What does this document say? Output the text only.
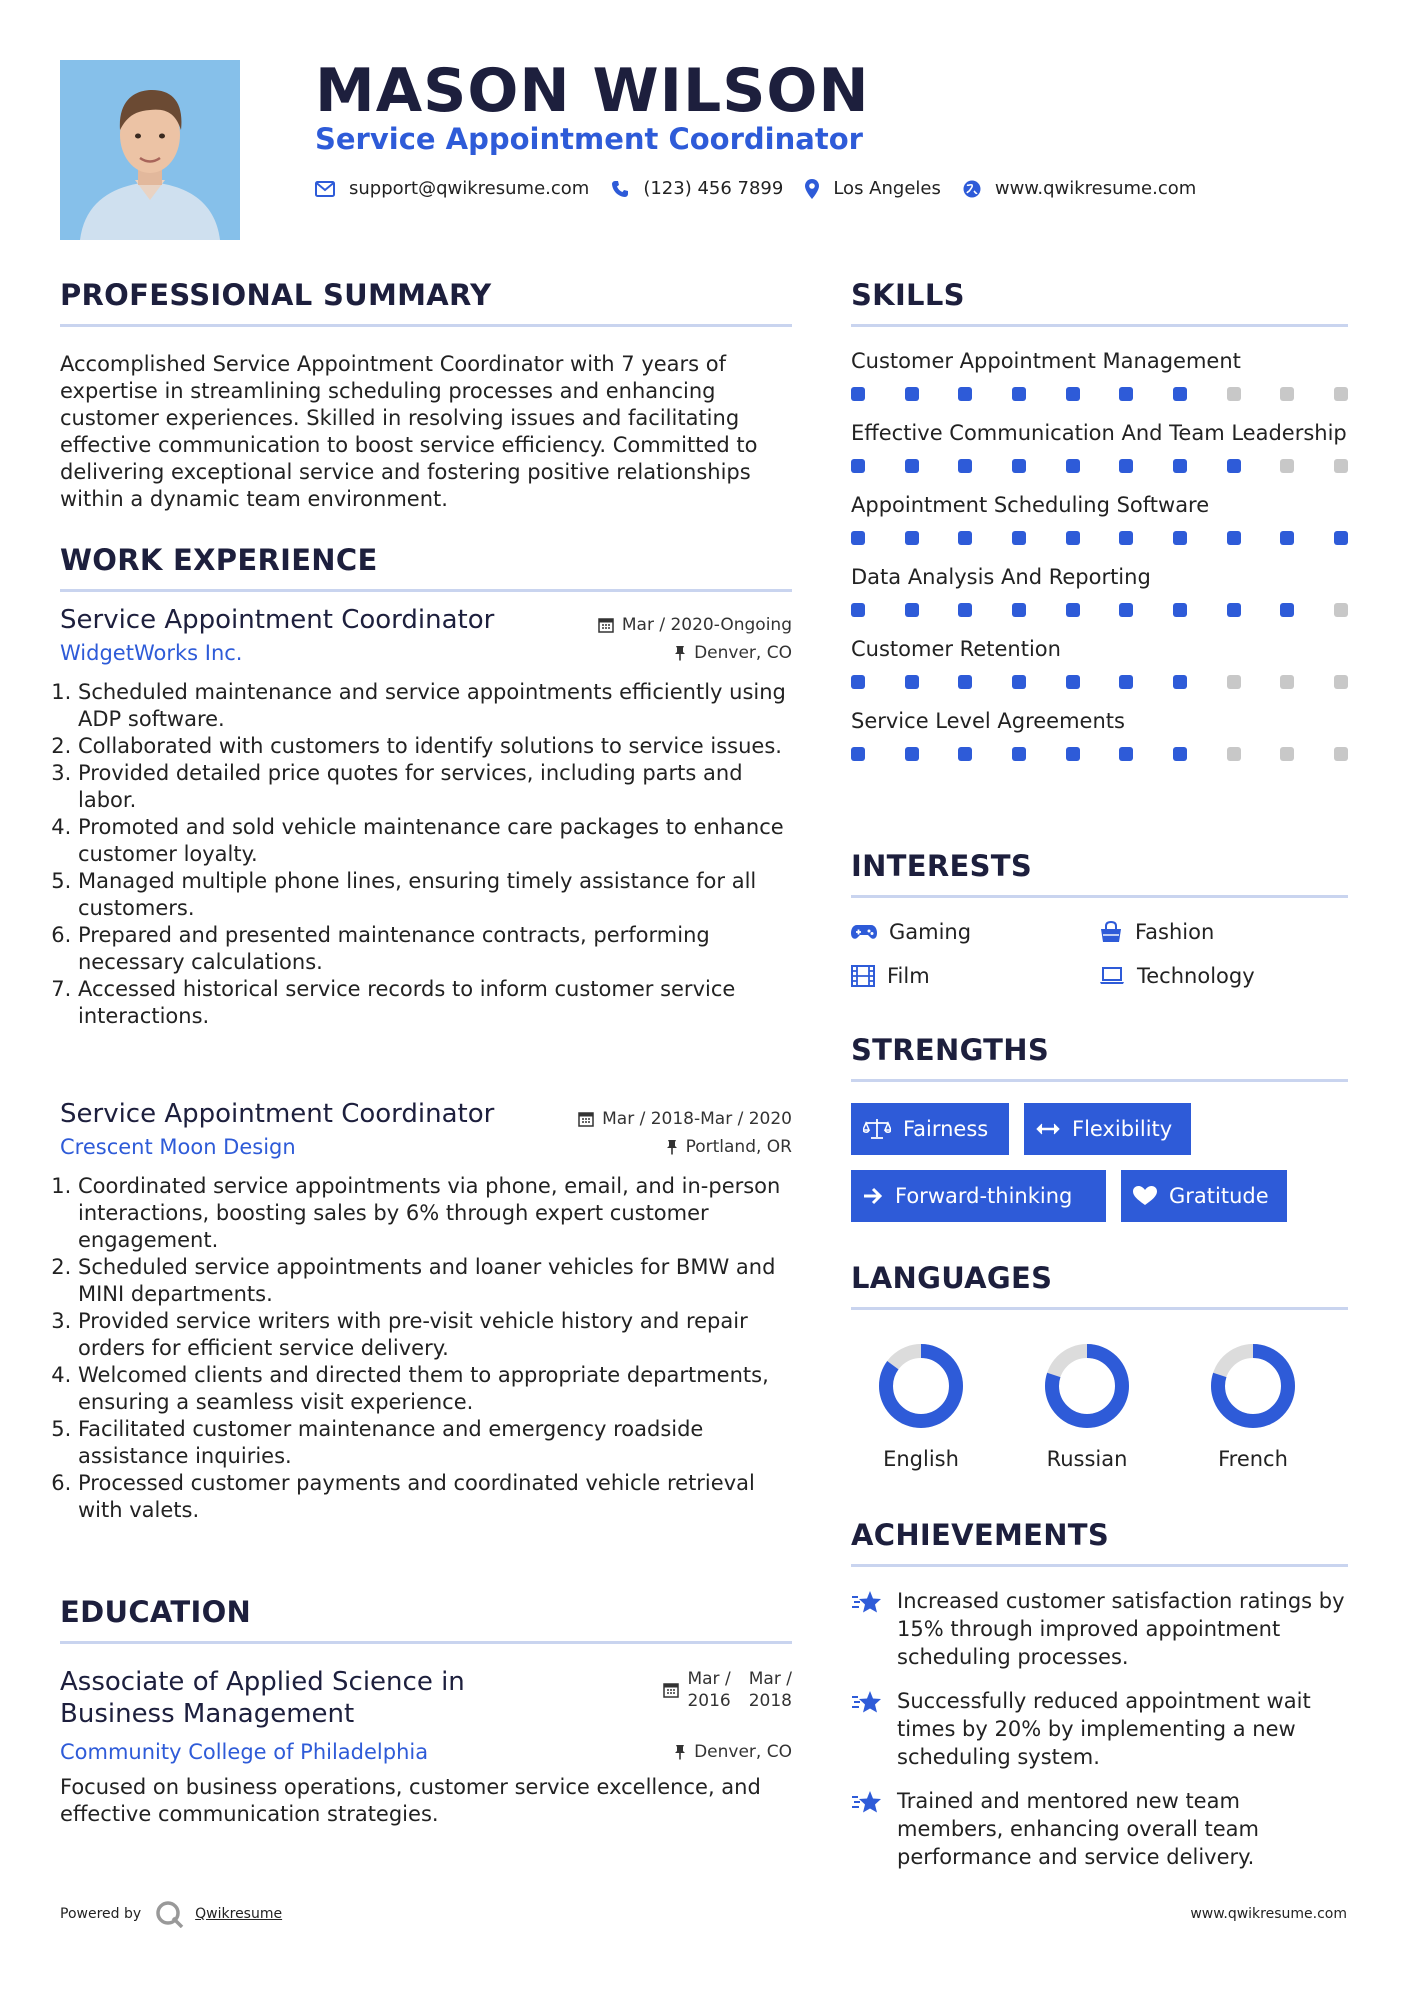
MASON WILSON
Service Appointment Coordinator
support@qwikresume.com	(123) 456 7899	Los Angeles	www.qwikresume.com
PROFESSIONAL SUMMARY

Accomplished Service Appointment Coordinator with 7 years of expertise in streamlining scheduling processes and enhancing customer experiences. Skilled in resolving issues and facilitating effective communication to boost service efficiency. Committed to delivering exceptional service and fostering positive relationships within a dynamic team environment.

WORK EXPERIENCE

Service Appointment Coordinator	Mar / 2020-Ongoing

WidgetWorks Inc.	Denver, CO
1. Scheduled maintenance and service appointments efficiently using ADP software.
2. Collaborated with customers to identify solutions to service issues.
3. Provided detailed price quotes for services, including parts and labor.
4. Promoted and sold vehicle maintenance care packages to enhance customer loyalty.
5. Managed multiple phone lines, ensuring timely assistance for all customers.
6. Prepared and presented maintenance contracts, performing necessary calculations.
7. Accessed historical service records to inform customer service interactions.

Service Appointment Coordinator	Mar / 2018-Mar / 2020

Crescent Moon Design	Portland, OR
1. Coordinated service appointments via phone, email, and in-person interactions, boosting sales by 6% through expert customer engagement.
2. Scheduled service appointments and loaner vehicles for BMW and MINI departments.
3. Provided service writers with pre-visit vehicle history and repair orders for efficient service delivery.
4. Welcomed clients and directed them to appropriate departments, ensuring a seamless visit experience.
5. Facilitated customer maintenance and emergency roadside assistance inquiries.
6. Processed customer payments and coordinated vehicle retrieval with valets.
EDUCATION

Associate of Applied Science in
Business Management

Mar /
2016
Mar /
2018

Community College of Philadelphia	Denver, CO

Focused on business operations, customer service excellence, and effective communication strategies.

SKILLS

Customer Appointment Management

Effective Communication And Team Leadership

Appointment Scheduling Software

Data Analysis And Reporting

Customer Retention

Service Level Agreements

INTERESTS
Gaming	Fashion
Film	Technology
STRENGTHS
Fairness	Flexibility
Forward-thinking	Gratitude
LANGUAGES
English	Russian	French
ACHIEVEMENTS

Increased customer satisfaction ratings by 15% through improved appointment scheduling processes.

Successfully reduced appointment wait times by 20% by implementing a new scheduling system.

Trained and mentored new team members, enhancing overall team performance and service delivery.

Powered by	Qwikresume	www.qwikresume.com
